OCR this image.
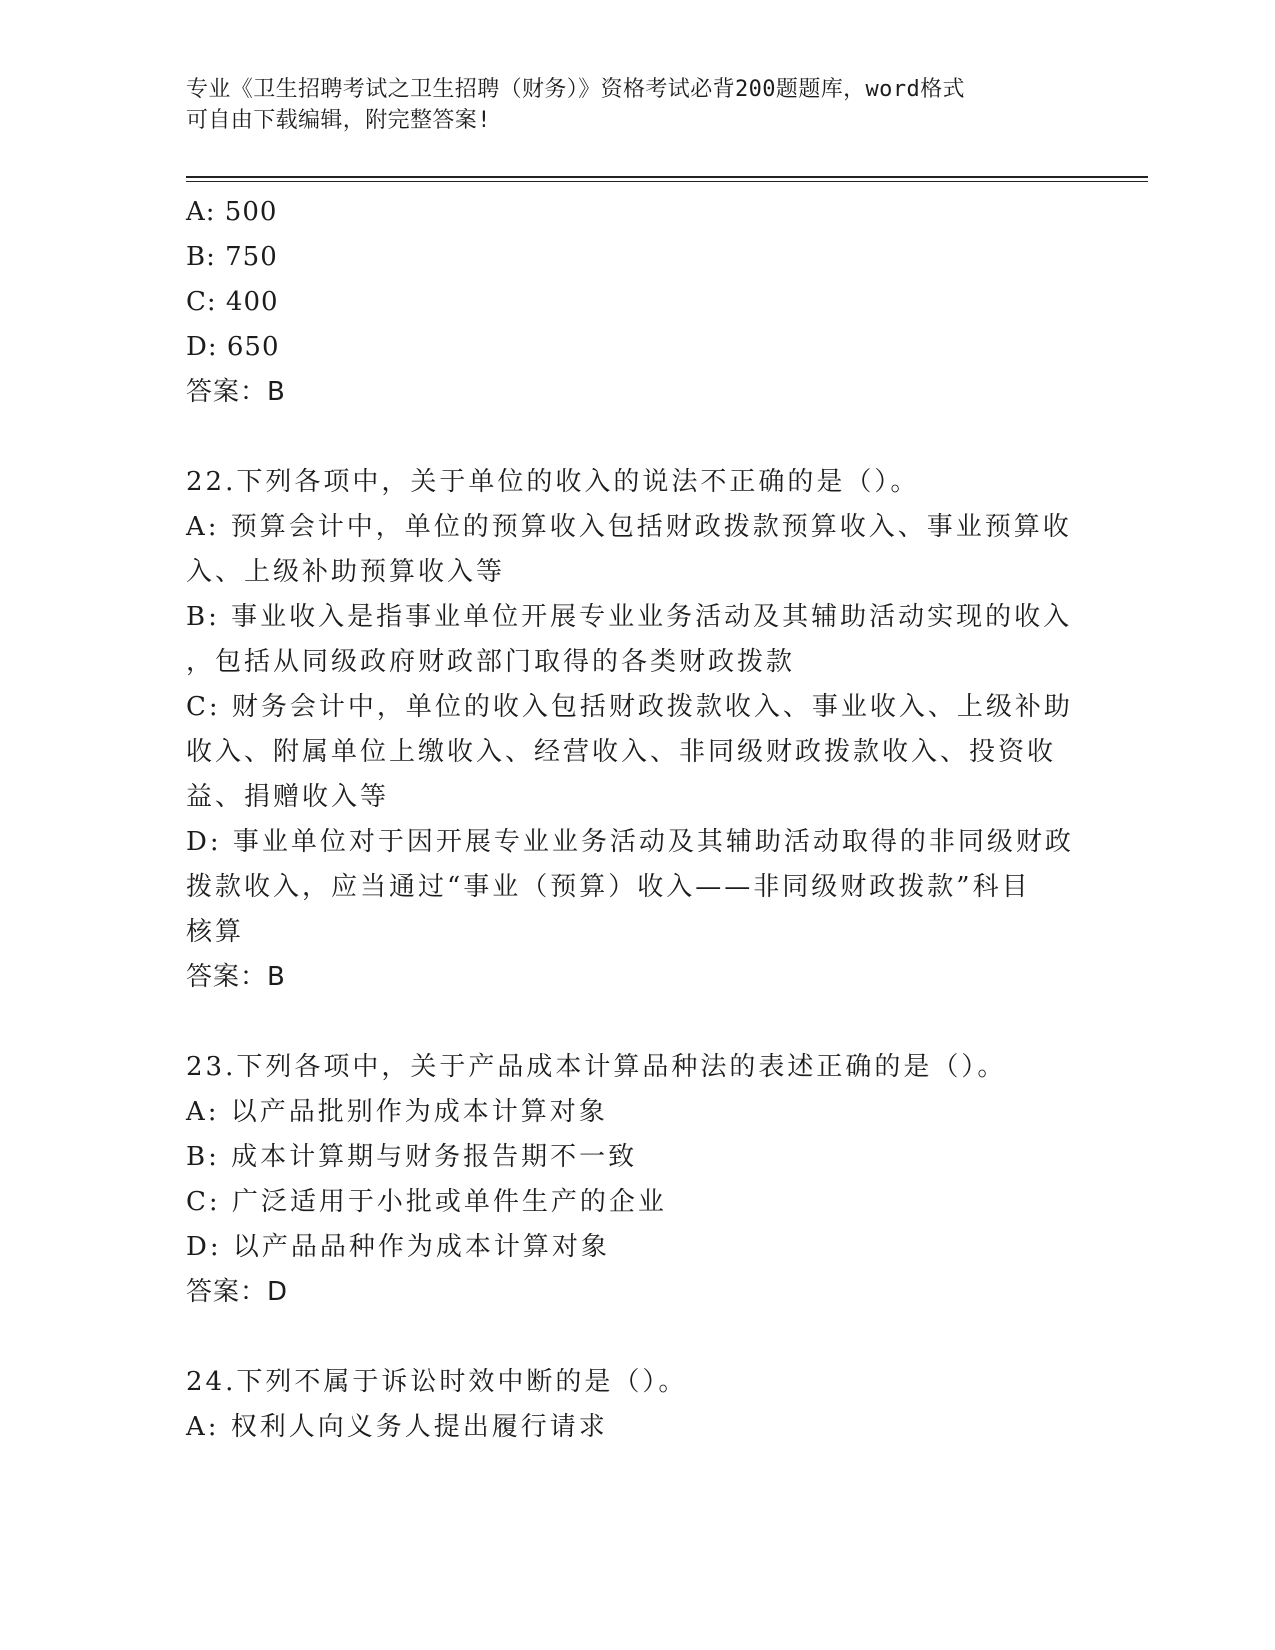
专业《卫生招聘考试之卫生招聘（财务）》资格考试必背200题题库，word格式
可自由下载编辑，附完整答案!
A: 500
B: 750
C: 400
D: 650
答案：B
22.下列各项中，关于单位的收入的说法不正确的是（）。
A: 预算会计中，单位的预算收入包括财政拨款预算收入、事业预算收
入、上级补助预算收入等
B: 事业收入是指事业单位开展专业业务活动及其辅助活动实现的收入
，包括从同级政府财政部门取得的各类财政拨款
C: 财务会计中，单位的收入包括财政拨款收入、事业收入、上级补助
收入、附属单位上缴收入、经营收入、非同级财政拨款收入、投资收
益、捐赠收入等
D: 事业单位对于因开展专业业务活动及其辅助活动取得的非同级财政
拨款收入，应当通过“事业（预算）收入——非同级财政拨款”科目
核算
答案：B
23.下列各项中，关于产品成本计算品种法的表述正确的是（）。
A: 以产品批别作为成本计算对象
B: 成本计算期与财务报告期不一致
C: 广泛适用于小批或单件生产的企业
D: 以产品品种作为成本计算对象
答案：D
24.下列不属于诉讼时效中断的是（）。
A: 权利人向义务人提出履行请求
